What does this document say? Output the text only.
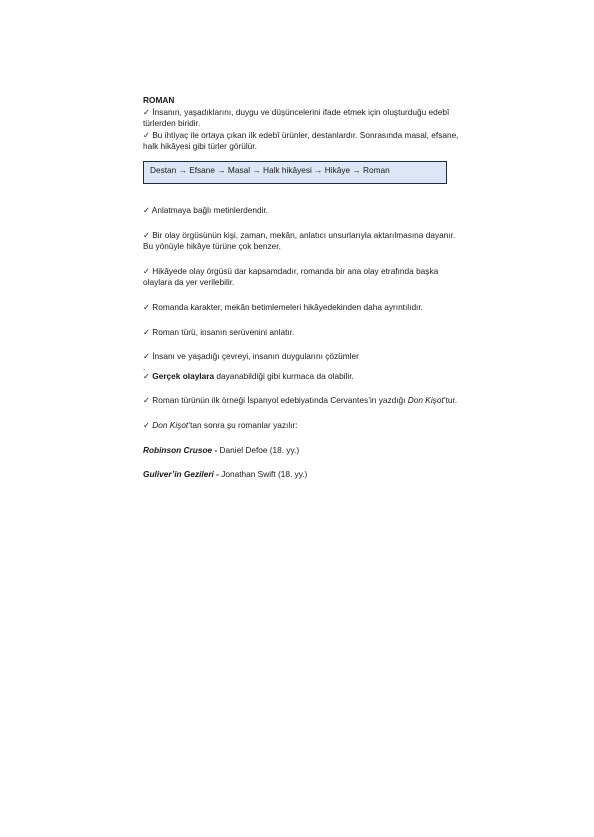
ROMAN

✓ İnsanın, yaşadıklarını, duygu ve düşüncelerini ifade etmek için oluşturduğu edebî türlerden biridir.

✓ Bu ihtiyaç ile ortaya çıkan ilk edebî ürünler, destanlardır. Sonrasında masal, efsane, halk hikâyesi gibi türler görülür.

Destan → Efsane → Masal → Halk hikâyesi → Hikâye → Roman

✓ Anlatmaya bağlı metinlerdendir.

✓ Bir olay örgüsünün kişi, zaman, mekân, anlatıcı unsurlarıyla aktarılmasına dayanır. Bu yönüyle hikâye türüne çok benzer.

✓ Hikâyede olay örgüsü dar kapsamdadır, romanda bir ana olay etrafında başka olaylara da yer verilebilir.

✓ Romanda karakter, mekân betimlemeleri hikâyedekinden daha ayrıntılıdır.

✓ Roman türü, insanın serüvenini anlatır.

✓ İnsanı ve yaşadığı çevreyi, insanın duygularını çözümler

.

✓ Gerçek olaylara dayanabildiği gibi kurmaca da olabilir.

✓ Roman türünün ilk örneği İspanyol edebiyatında Cervantes’in yazdığı Don Kişot’tur.

✓ Don Kişot’tan sonra şu romanlar yazılır:

Robinson Crusoe - Daniel Defoe (18. yy.)

Guliver’in Gezileri - Jonathan Swift (18. yy.)
